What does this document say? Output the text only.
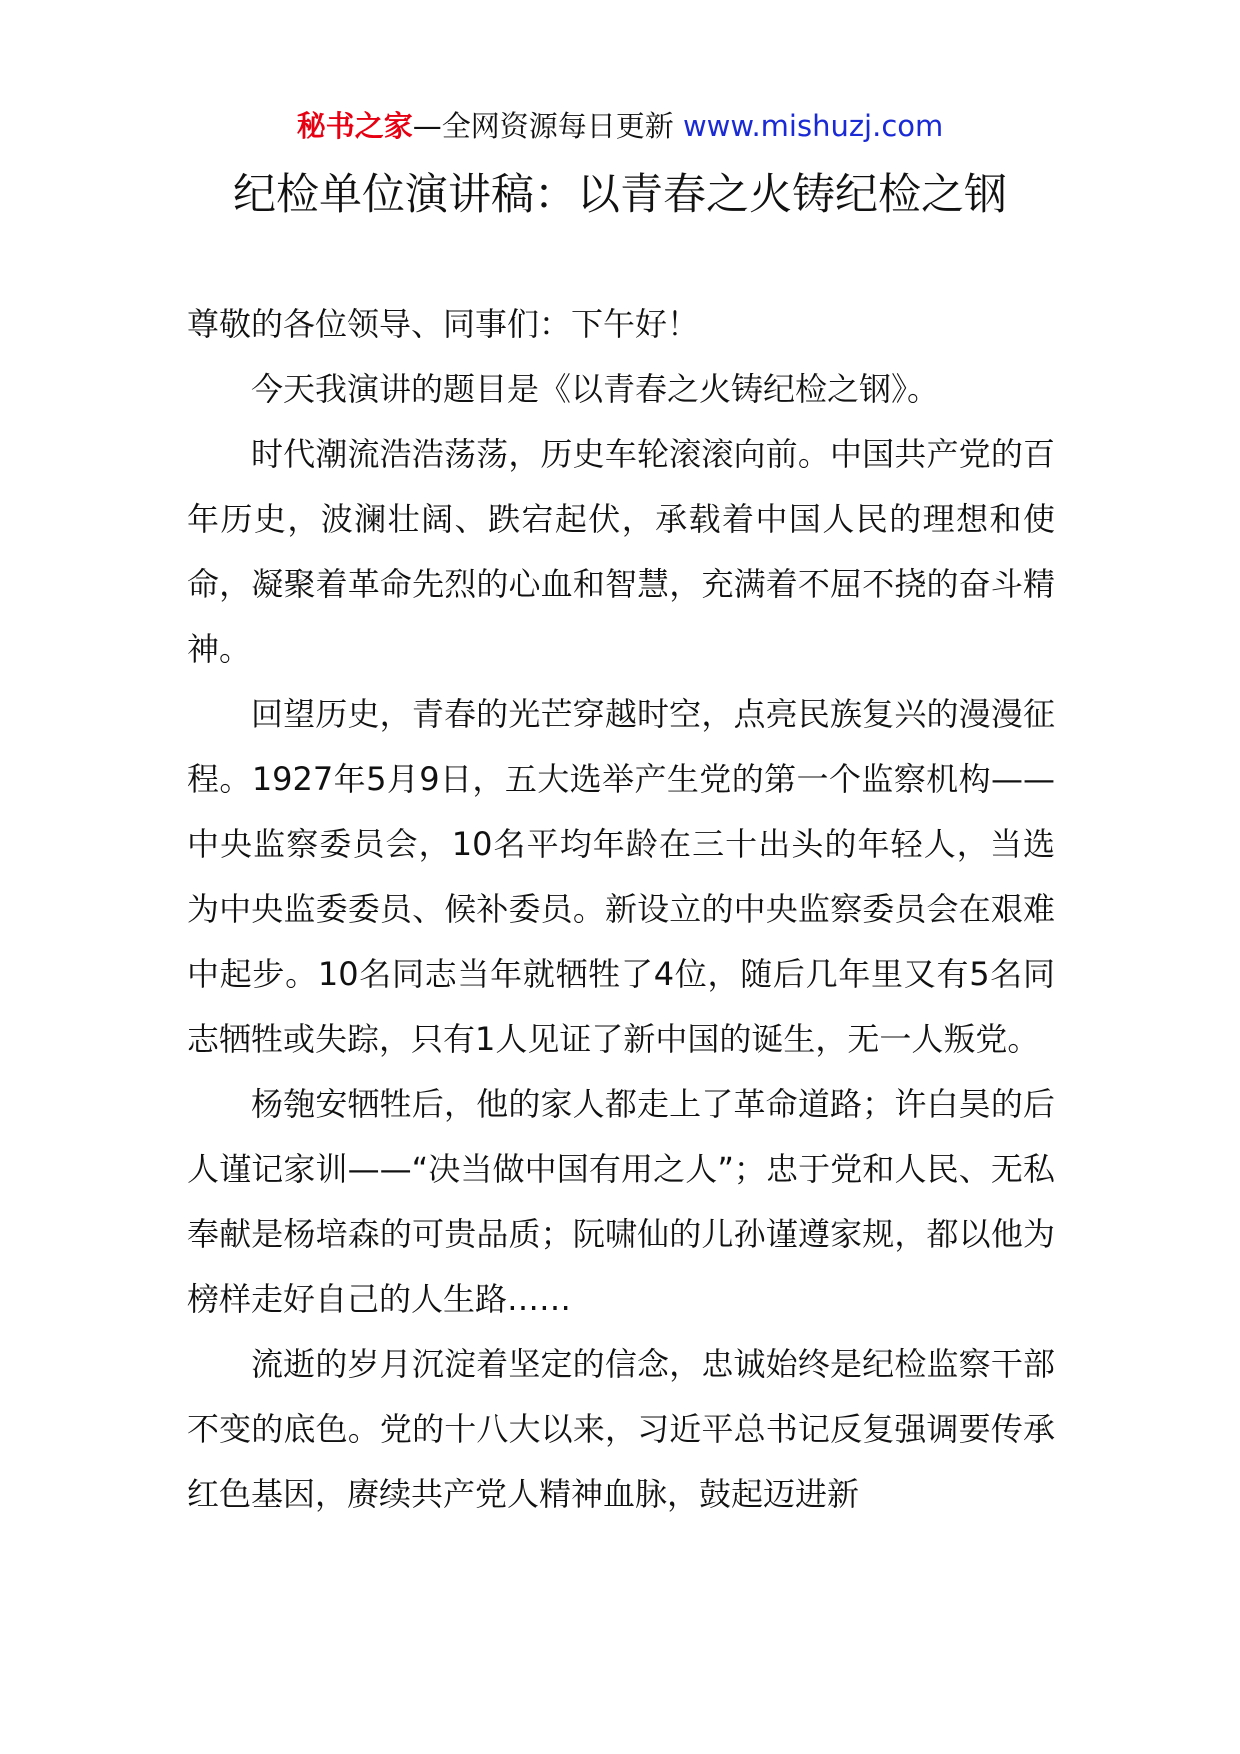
秘书之家—全网资源每日更新 www.mishuzj.com
纪检单位演讲稿：以青春之火铸纪检之钢

尊敬的各位领导、同事们：下午好！

今天我演讲的题目是《以青春之火铸纪检之钢》。

时代潮流浩浩荡荡，历史车轮滚滚向前。中国共产党的百年历史，波澜壮阔、跌宕起伏，承载着中国人民的理想和使命，凝聚着革命先烈的心血和智慧，充满着不屈不挠的奋斗精神。

回望历史，青春的光芒穿越时空，点亮民族复兴的漫漫征程。1927年5月9日，五大选举产生党的第一个监察机构——中央监察委员会，10名平均年龄在三十出头的年轻人，当选为中央监委委员、候补委员。新设立的中央监察委员会在艰难中起步。10名同志当年就牺牲了4位，随后几年里又有5名同志牺牲或失踪，只有1人见证了新中国的诞生，无一人叛党。

杨匏安牺牲后，他的家人都走上了革命道路；许白昊的后人谨记家训——“决当做中国有用之人”；忠于党和人民、无私奉献是杨培森的可贵品质；阮啸仙的儿孙谨遵家规，都以他为榜样走好自己的人生路……

流逝的岁月沉淀着坚定的信念，忠诚始终是纪检监察干部不变的底色。党的十八大以来，习近平总书记反复强调要传承红色基因，赓续共产党人精神血脉，鼓起迈进新
